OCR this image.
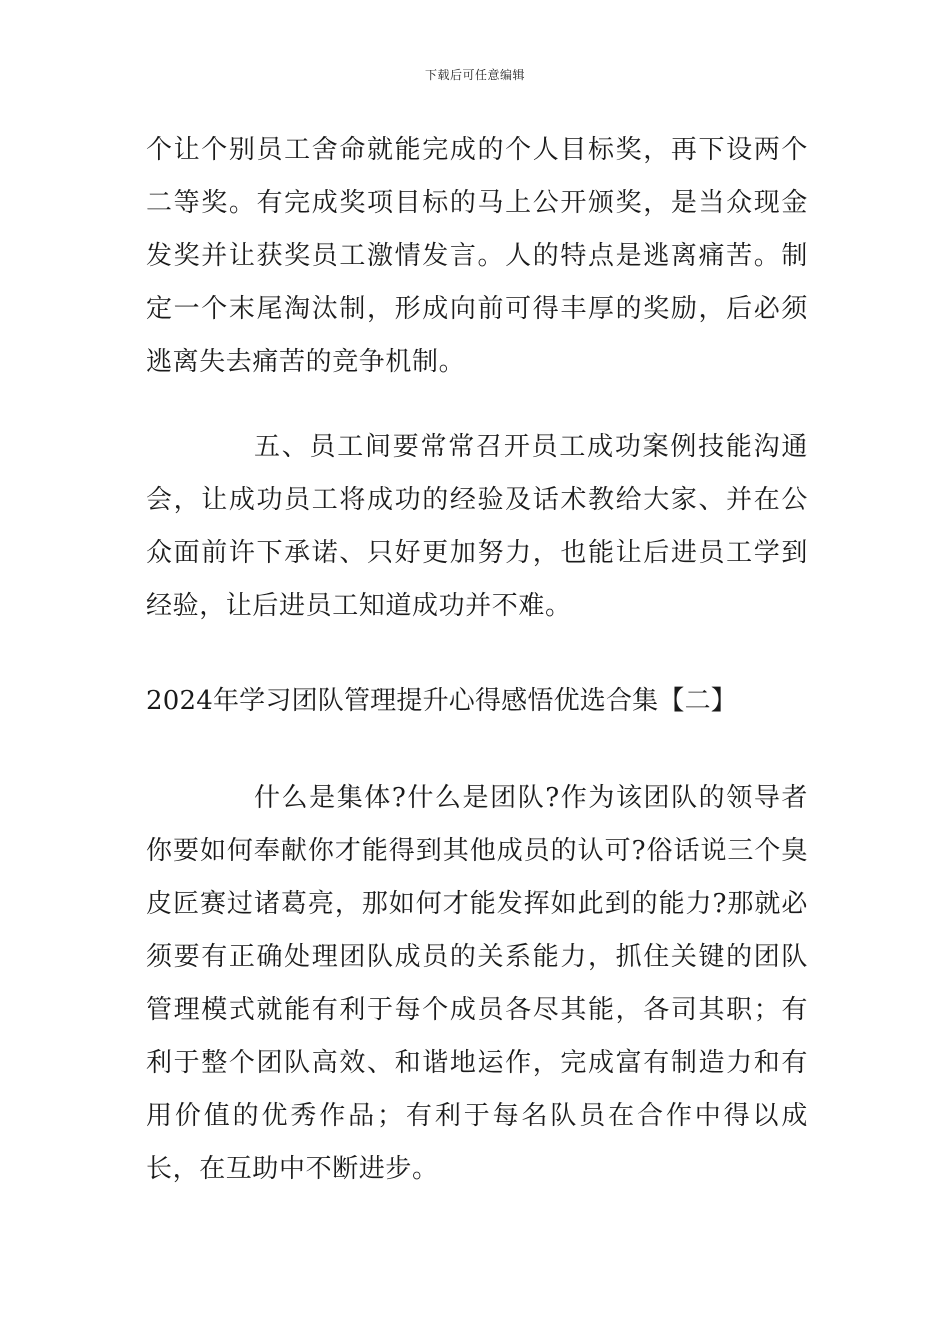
下载后可任意编辑

个让个别员工舍命就能完成的个人目标奖，再下设两个二等奖。有完成奖项目标的马上公开颁奖，是当众现金发奖并让获奖员工激情发言。人的特点是逃离痛苦。制定一个末尾淘汰制，形成向前可得丰厚的奖励，后必须逃离失去痛苦的竞争机制。

五、员工间要常常召开员工成功案例技能沟通会，让成功员工将成功的经验及话术教给大家、并在公众面前许下承诺、只好更加努力，也能让后进员工学到经验，让后进员工知道成功并不难。

2024年学习团队管理提升心得感悟优选合集【二】

什么是集体?什么是团队?作为该团队的领导者你要如何奉献你才能得到其他成员的认可?俗话说三个臭皮匠赛过诸葛亮，那如何才能发挥如此到的能力?那就必须要有正确处理团队成员的关系能力，抓住关键的团队管理模式就能有利于每个成员各尽其能，各司其职；有利于整个团队高效、和谐地运作，完成富有制造力和有用价值的优秀作品；有利于每名队员在合作中得以成长，在互助中不断进步。
